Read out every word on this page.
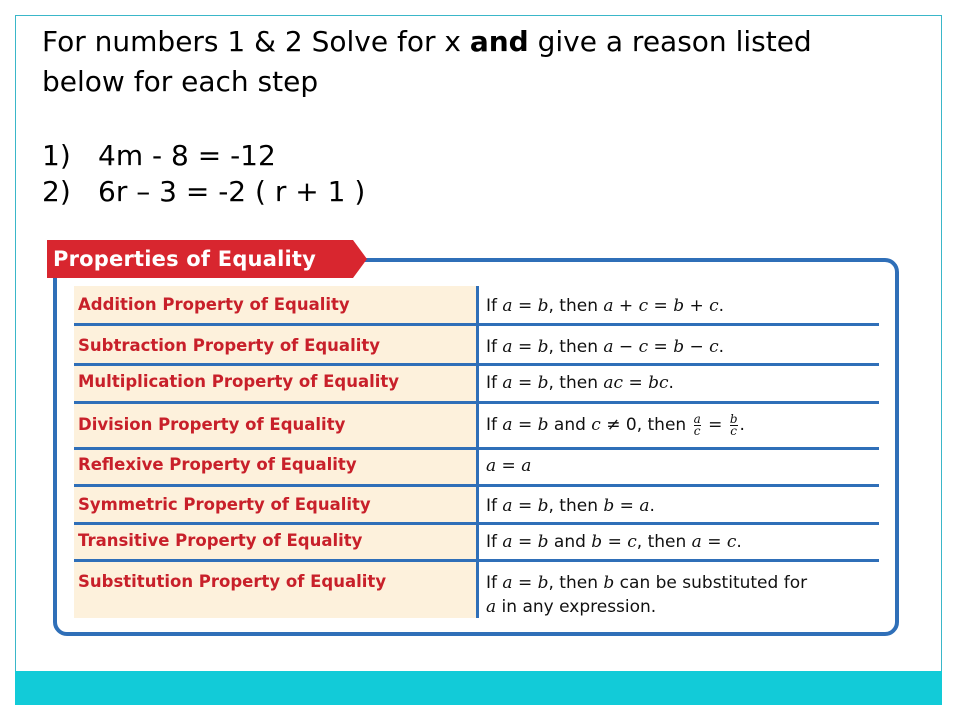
For numbers 1 & 2 Solve for x and give a reason listed below for each step
1) 4m - 8 = -12
2) 6r – 3 = -2 ( r + 1 )
Properties of Equality
Addition Property of Equality	If a = b, then a + c = b + c.
Subtraction Property of Equality	If a = b, then a − c = b − c.
Multiplication Property of Equality	If a = b, then ac = bc.
Division Property of Equality	If a = b and c ≠ 0, then $\frac{a}{c} = \frac{b}{c}$ .
Reflexive Property of Equality	a = a
Symmetric Property of Equality	If a = b, then b = a.
Transitive Property of Equality	If a = b and b = c, then a = c.
Substitution Property of Equality	If a = b, then b can be substituted for
a in any expression.
